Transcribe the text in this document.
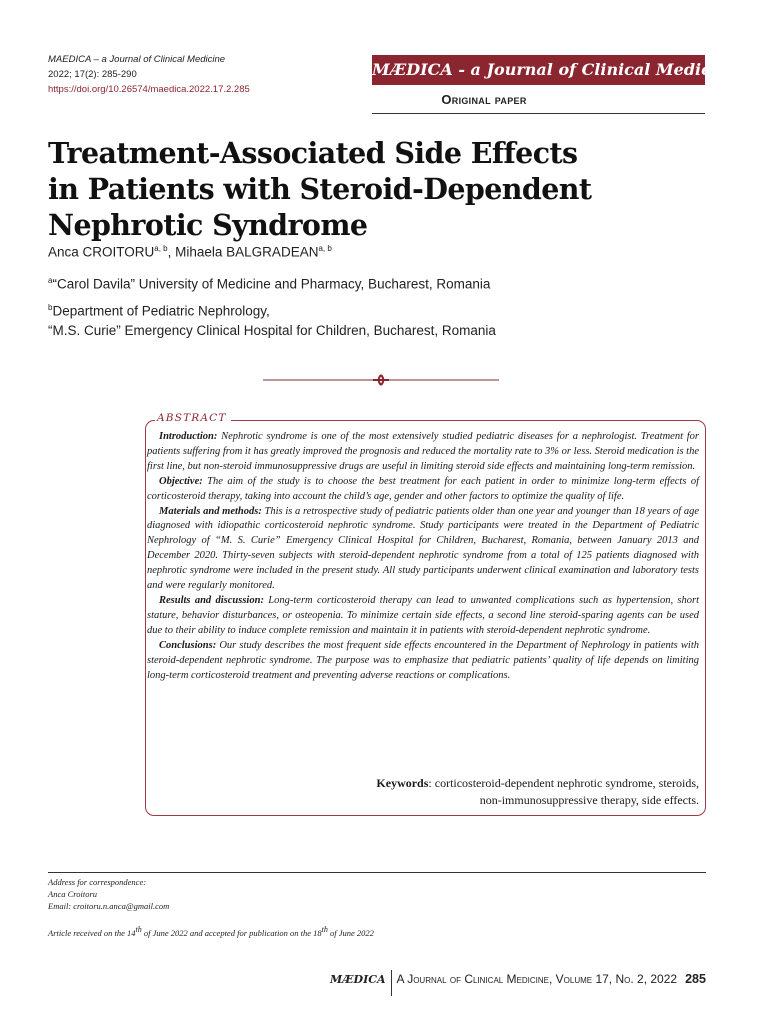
MAEDICA – a Journal of Clinical Medicine
2022; 17(2): 285-290
https://doi.org/10.26574/maedica.2022.17.2.285
MÆDICA - a Journal of Clinical Medicine
Original paper
Treatment-Associated Side Effects
in Patients with Steroid-Dependent
Nephrotic Syndrome
Anca CROITORU$^{a, b}$, Mihaela BALGRADEAN$^{a, b}$
$^a$“Carol Davila” University of Medicine and Pharmacy, Bucharest, Romania
$^b$Department of Pediatric Nephrology,
“M.S. Curie” Emergency Clinical Hospital for Children, Bucharest, Romania
ABSTRACT

Introduction: Nephrotic syndrome is one of the most extensively studied pediatric diseases for a nephrologist. Treatment for patients suffering from it has greatly improved the prognosis and reduced the mortality rate to 3% or less. Steroid medication is the first line, but non-steroid immunosuppressive drugs are useful in limiting steroid side effects and maintaining long-term remission.

Objective: The aim of the study is to choose the best treatment for each patient in order to minimize long-term effects of corticosteroid therapy, taking into account the child’s age, gender and other factors to optimize the quality of life.

Materials and methods: This is a retrospective study of pediatric patients older than one year and younger than 18 years of age diagnosed with idiopathic corticosteroid nephrotic syndrome. Study participants were treated in the Department of Pediatric Nephrology of “M. S. Curie” Emergency Clinical Hospital for Children, Bucharest, Romania, between January 2013 and December 2020. Thirty-seven subjects with steroid-dependent nephrotic syndrome from a total of 125 patients diagnosed with nephrotic syndrome were included in the present study. All study participants underwent clinical examination and laboratory tests and were regularly monitored.

Results and discussion: Long-term corticosteroid therapy can lead to unwanted complications such as hypertension, short stature, behavior disturbances, or osteopenia. To minimize certain side effects, a second line steroid-sparing agents can be used due to their ability to induce complete remission and maintain it in patients with steroid-dependent nephrotic syndrome.

Conclusions: Our study describes the most frequent side effects encountered in the Department of Nephrology in patients with steroid-dependent nephrotic syndrome. The purpose was to emphasize that pediatric patients’ quality of life depends on limiting long-term corticosteroid treatment and preventing adverse reactions or complications.

Keywords: corticosteroid-dependent nephrotic syndrome, steroids,
non-immunosuppressive therapy, side effects.
Address for correspondence:
Anca Croitoru
Email: croitoru.n.anca@gmail.com
Article received on the 14th of June 2022 and accepted for publication on the 18th of June 2022
MÆDICA A Journal of Clinical Medicine, Volume 17, No. 2, 2022 285
